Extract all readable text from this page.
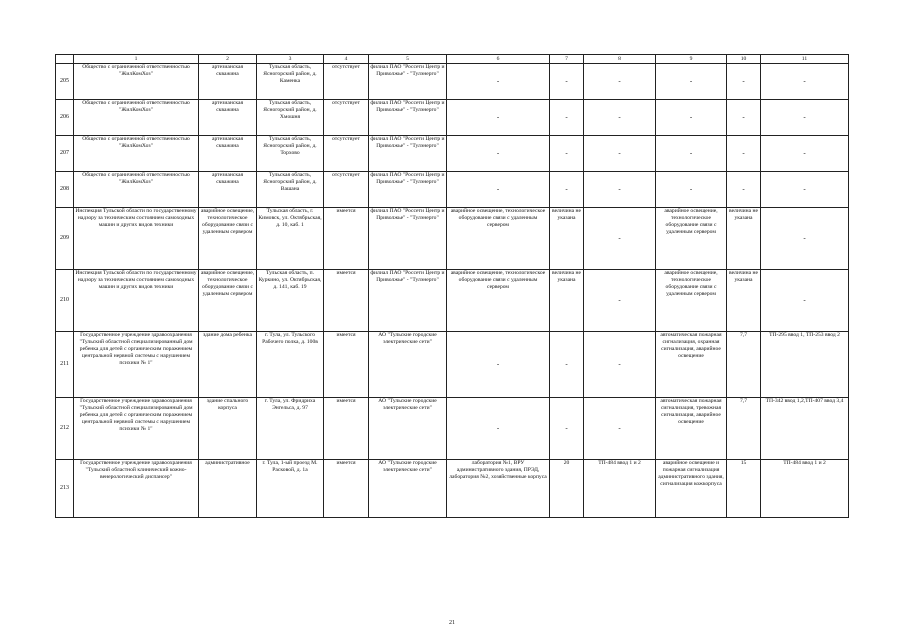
	1	2	3	4	5	6	7	8	9	10	11
205	Общество с ограниченной ответственностью "ЖилКомХоз"	артезианская скважина	Тульская область, Ясногорский район, д. Каменка	отсутствует	филиал ПАО "Россети Центр и Приволжье" - "Тулэнерго"	-	-	-	-	-	-
206	Общество с ограниченной ответственностью "ЖилКомХоз"	артезианская скважина	Тульская область, Ясногорский район, д. Хмошня	отсутствует	филиал ПАО "Россети Центр и Приволжье" - "Тулэнерго"	-	-	-	-	-	-
207	Общество с ограниченной ответственностью "ЖилКомХоз"	артезианская скважина	Тульская область, Ясногорский район, д. Торхово	отсутствует	филиал ПАО "Россети Центр и Приволжье" - "Тулэнерго"	-	-	-	-	-	-
208	Общество с ограниченной ответственностью "ЖилКомХоз"	артезианская скважина	Тульская область, Ясногорский район, д. Вашана	отсутствует	филиал ПАО "Россети Центр и Приволжье" - "Тулэнерго"	-	-	-	-	-	-
209	Инспекция Тульской области по государственному надзору за техническим состоянием самоходных машин и других видов техники	аварийное освещение, технологическое оборудование связи с удаленным сервером	Тульская область, г. Кимовск, ул. Октябрьская, д. 10, каб. 1	имеется	филиал ПАО "Россети Центр и Приволжье" - "Тулэнерго"	аварийное освещение, технологическое оборудование связи с удаленным сервером	величина не указана	-	аварийное освещение, технологическое оборудование связи с удаленным сервером	величина не указана	-
210	Инспекция Тульской области по государственному надзору за техническим состоянием самоходных машин и других видов техники	аварийное освещение, технологическое оборудование связи с удаленным сервером	Тульская область, п. Куркино, ул. Октябрьская, д. 141, каб. 19	имеется	филиал ПАО "Россети Центр и Приволжье" - "Тулэнерго"	аварийное освещение, технологическое оборудование связи с удаленным сервером	величина не указана	-	аварийное освещение, технологическое оборудование связи с удаленным сервером	величина не указана	-
211	Государственное учреждение здравоохранения "Тульский областной специализированный дом ребенка для детей с органическим поражением центральной нервной системы с нарушением психики № 1"	здание дома ребенка	г. Тула, ул. Тульского Рабочего полка, д. 100в	имеется	АО "Тульские городские электрические сети"	-	-	-	автоматическая пожарная сигнализация, охранная сигнализация, аварийное освещение	7,7	ТП-295 ввод 1, ТП-253 ввод 2
212	Государственное учреждение здравоохранения "Тульский областной специализированный дом ребенка для детей с органическим поражением центральной нервной системы с нарушением психики № 1"	здание спального корпуса	г. Тула, ул. Фридриха Энгельса, д. 97	имеется	АО "Тульские городские электрические сети"	-	-	-	автоматическая пожарная сигнализация, тревожная сигнализация, аварийное освещение	7,7	ТП-342 ввод 1,2,ТП-407 ввод 3,4
213	Государственное учреждение здравоохранения "Тульский областной клинический кожно-венерологический диспансер"	административное	г. Тула, 1-ый проезд М. Расковой, д. 1а	имеется	АО "Тульские городские электрические сети"	лаборатория №1, ВРУ административного здания, ПРЭД, лаборатория №2, хозяйственные корпуса	20	ТП-484 ввод 1 и 2	аварийное освещение и пожарная сигнализация административного здания, сигнализация кожкорпуса	15	ТП-484 ввод 1 и 2
21
